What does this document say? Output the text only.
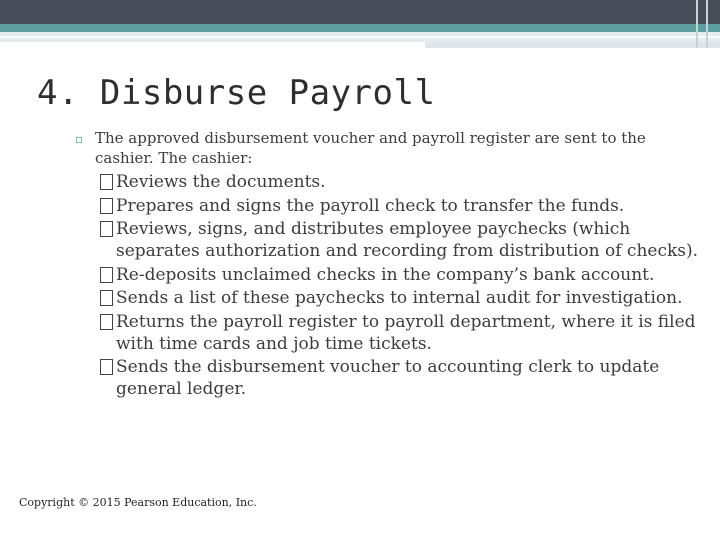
4. Disburse Payroll
▫ The approved disbursement voucher and payroll register are sent to the
cashier. The cashier:
Reviews the documents.
Prepares and signs the payroll check to transfer the funds.
Reviews, signs, and distributes employee paychecks (which separates authorization and recording from distribution of checks).
Re-deposits unclaimed checks in the company’s bank account.
Sends a list of these paychecks to internal audit for investigation.
Returns the payroll register to payroll department, where it is filed with time cards and job time tickets.
Sends the disbursement voucher to accounting clerk to update general ledger.
Copyright © 2015 Pearson Education, Inc.
